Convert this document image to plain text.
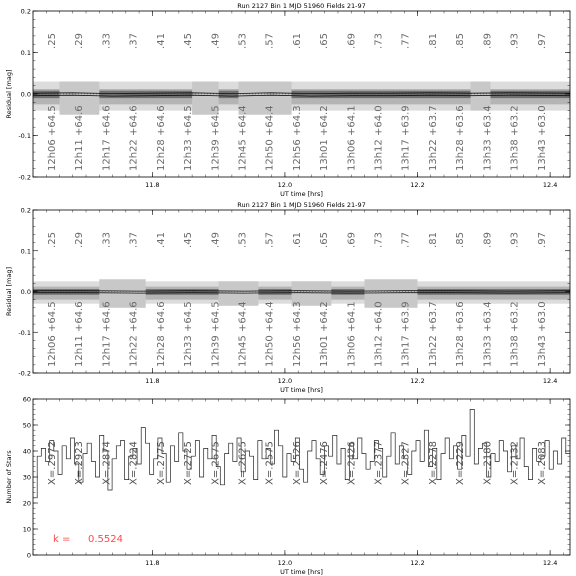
.25 .29 .33 .37 .41 .45 .49 .53 .57 .61 .65 .69 .73 .77 .81 .85 .89 .93 .97
12h06 +64.5 12h11 +64.6 12h17 +64.6 12h22 +64.6 12h28 +64.6 12h33 +64.5 12h39 +64.5 12h45 +64.4 12h50 +64.4 12h56 +64.3 13h01 +64.2 13h06 +64.1 13h12 +64.0 13h17 +63.9 13h22 +63.7 13h28 +63.6 13h33 +63.4 13h38 +63.2 13h43 +63.0
Run 2127 Bin 1 MJD 51960 Fields 21-97
11.8	12.0	12.2	12.4
-0.2
-0.1
0.0
0.1
0.2
UT time [hrs]
Residual [mag]
.25 .29 .33 .37 .41 .45 .49 .53 .57 .61 .65 .69 .73 .77 .81 .85 .89 .93 .97
12h06 +64.5 12h11 +64.6 12h17 +64.6 12h22 +64.6 12h28 +64.6 12h33 +64.5 12h39 +64.5 12h45 +64.4 12h50 +64.4 12h56 +64.3 13h01 +64.2 13h06 +64.1 13h12 +64.0 13h17 +63.9 13h22 +63.7 13h28 +63.6 13h33 +63.4 13h38 +63.2 13h43 +63.0
Run 2127 Bin 1 MJD 51960 Fields 21-97
11.8	12.0	12.2	12.4
-0.2
-0.1
0.0
0.1
0.2
UT time [hrs]
Residual [mag]
X=.2972 X=.2923 X=.2874 X=.2824 X=.2775 X=.2725 X=.2675 X=.2625 X=.2575 X=.2526 X=.2476 X=.2426 X=.2377 X=.2327 X=.2278 X=.2229 X=.2180 X=.2132 X=.2083
k = 0.5524
11.8	12.0	12.2	12.4
0
10
20
30
40
50
60
UT time [hrs]
Number of Stars
